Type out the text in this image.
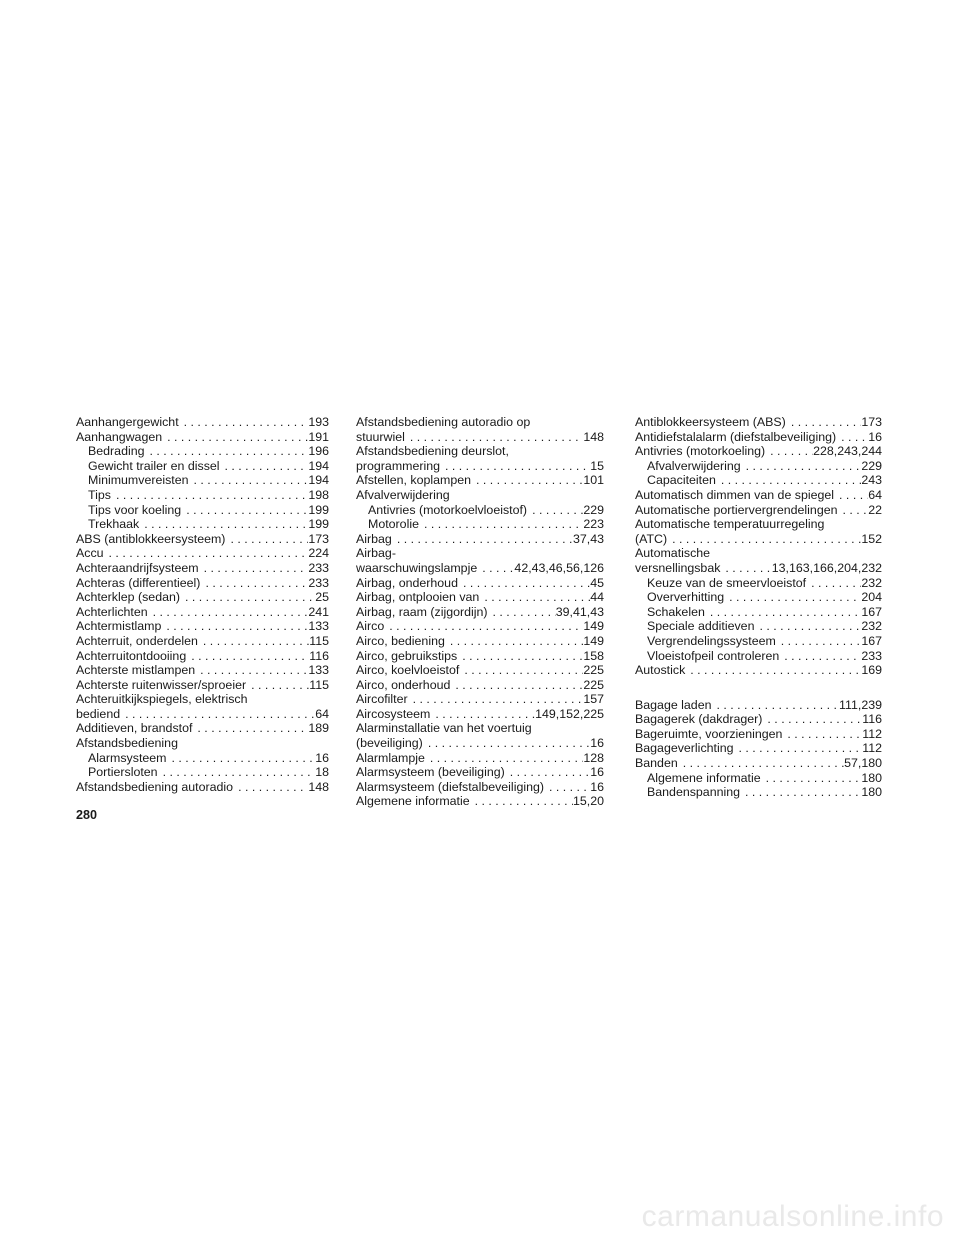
Aanhangergewicht . . .	193
Aanhangwagen . . .	191
Bedrading . . .	196
Gewicht trailer en dissel . . .	194
Minimumvereisten . . .	194
Tips . . .	198
Tips voor koeling . . .	199
Trekhaak . . .	199
ABS (antiblokkeersysteem) . . .	173
Accu . . .	224
Achteraandrijfsysteem . . .	233
Achteras (differentieel) . . .	233
Achterklep (sedan) . . .	25
Achterlichten . . .	241
Achtermistlamp . . .	133
Achterruit, onderdelen . . .	115
Achterruitontdooiing . . .	116
Achterste mistlampen . . .	133
Achterste ruitenwisser/sproeier . . .	115
Achteruitkijkspiegels, elektrisch
bediend . . .	64
Additieven, brandstof . . .	189
Afstandsbediening
Alarmsysteem . . .	16
Portiersloten . . .	18
Afstandsbediening autoradio . . .	148
Afstandsbediening autoradio op
stuurwiel . . .	148
Afstandsbediening deurslot,
programmering . . .	15
Afstellen, koplampen . . .	101
Afvalverwijdering
Antivries (motorkoelvloeistof) . . .	229
Motorolie . . .	223
Airbag . . .	37,43
Airbag-
waarschuwingslampje . . .	42,43,46,56,126
Airbag, onderhoud . . .	45
Airbag, ontplooien van . . .	44
Airbag, raam (zijgordijn) . . .	39,41,43
Airco . . .	149
Airco, bediening . . .	149
Airco, gebruikstips . . .	158
Airco, koelvloeistof . . .	225
Airco, onderhoud . . .	225
Aircofilter . . .	157
Aircosysteem . . .	149,152,225
Alarminstallatie van het voertuig
(beveiliging) . . .	16
Alarmlampje . . .	128
Alarmsysteem (beveiliging) . . .	16
Alarmsysteem (diefstalbeveiliging) . . .	16
Algemene informatie . . .	15,20
Antiblokkeersysteem (ABS) . . .	173
Antidiefstalalarm (diefstalbeveiliging) . . .	16
Antivries (motorkoeling) . . .	228,243,244
Afvalverwijdering . . .	229
Capaciteiten . . .	243
Automatisch dimmen van de spiegel . . .	64
Automatische portiervergrendelingen . . . 22
Automatische temperatuurregeling
(ATC) . . .	152
Automatische
versnellingsbak . . .	13,163,166,204,232
Keuze van de smeervloeistof . . .	232
Oververhitting . . .	204
Schakelen . . .	167
Speciale additieven . . .	232
Vergrendelingssysteem . . .	167
Vloeistofpeil controleren . . .	233
Autostick . . .	169
Bagage laden . . .	111,239
Bagagerek (dakdrager) . . .	116
Bageruimte, voorzieningen . . .	112
Bagageverlichting . . .	112
Banden . . .	57,180
Algemene informatie . . .	180
Bandenspanning . . .	180
280
carmanualsonline.info
